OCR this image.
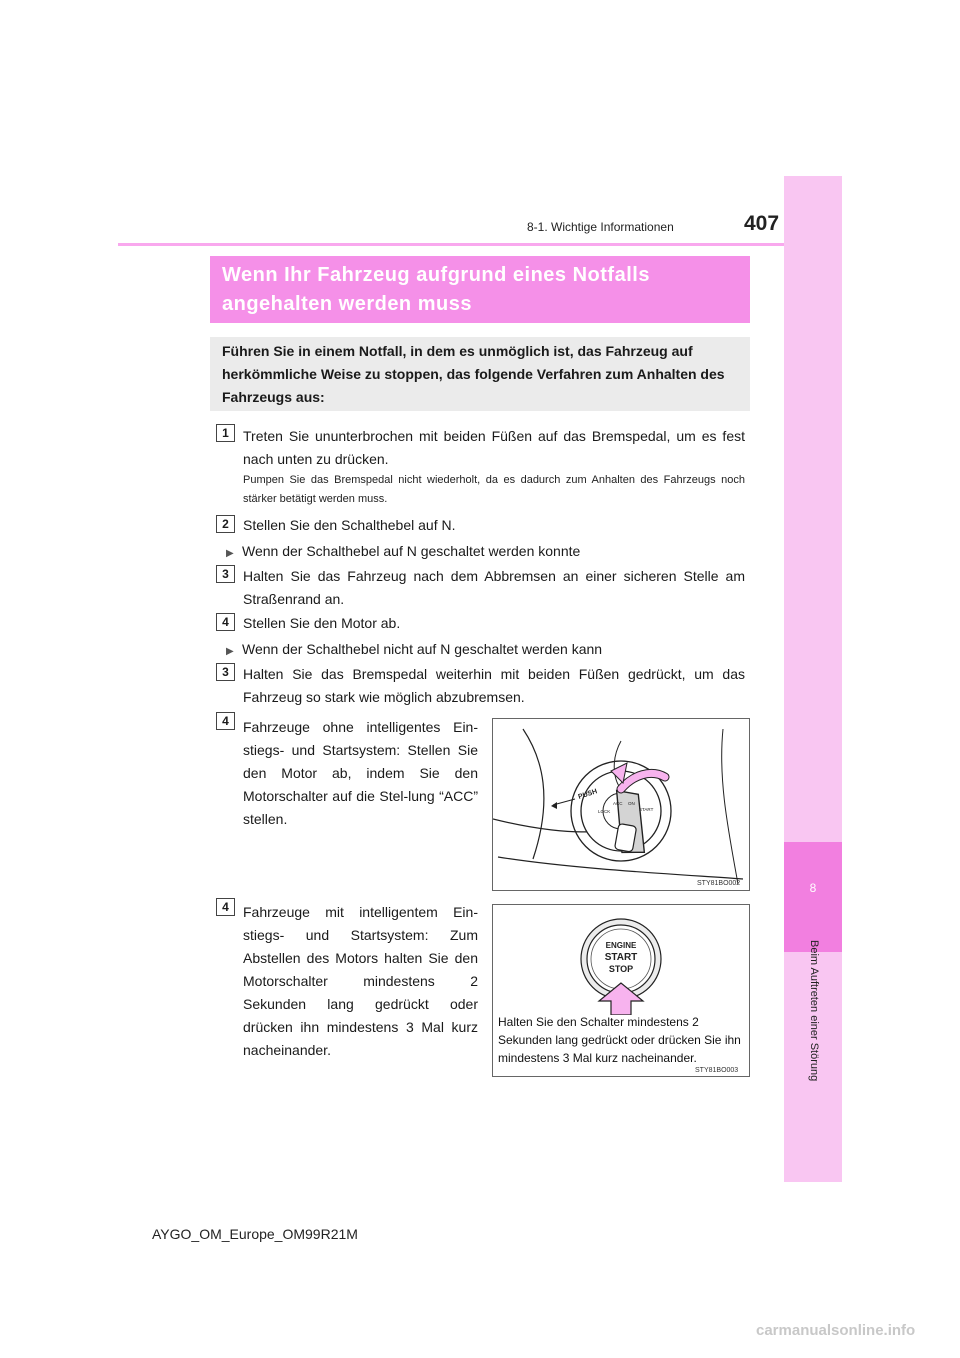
8
Beim Auftreten einer Störung
8-1. Wichtige Informationen	407
Wenn Ihr Fahrzeug aufgrund eines Notfalls
angehalten werden muss
Führen Sie in einem Notfall, in dem es unmöglich ist, das Fahrzeug auf herkömmliche Weise zu stoppen, das folgende Verfahren zum Anhalten des Fahrzeugs aus:
1	Treten Sie ununterbrochen mit beiden Füßen auf das Bremspedal, um es fest nach unten zu drücken.
Pumpen Sie das Bremspedal nicht wiederholt, da es dadurch zum Anhalten des Fahrzeugs noch stärker betätigt werden muss.
2	Stellen Sie den Schalthebel auf N.
▶ Wenn der Schalthebel auf N geschaltet werden konnte
3	Halten Sie das Fahrzeug nach dem Abbremsen an einer sicheren Stelle am Straßenrand an.
4	Stellen Sie den Motor ab.
▶ Wenn der Schalthebel nicht auf N geschaltet werden kann
3	Halten Sie das Bremspedal weiterhin mit beiden Füßen gedrückt, um das Fahrzeug so stark wie möglich abzubremsen.
4	Fahrzeuge ohne intelligentes Ein-stiegs- und Startsystem: Stellen Sie den Motor ab, indem Sie den Motorschalter auf die Stel-lung “ACC” stellen.
PUSH
LOCK
ACC ON
START
STY81BO002
4	Fahrzeuge mit intelligentem Ein-stiegs- und Startsystem: Zum Abstellen des Motors halten Sie den Motorschalter mindestens 2 Sekunden lang gedrückt oder drücken ihn mindestens 3 Mal kurz nacheinander.
ENGINE
START
STOP
Halten Sie den Schalter mindestens 2 Sekunden lang gedrückt oder drücken Sie ihn mindestens 3 Mal kurz nacheinander.
STY81BO003
AYGO_OM_Europe_OM99R21M
carmanualsonline.info
